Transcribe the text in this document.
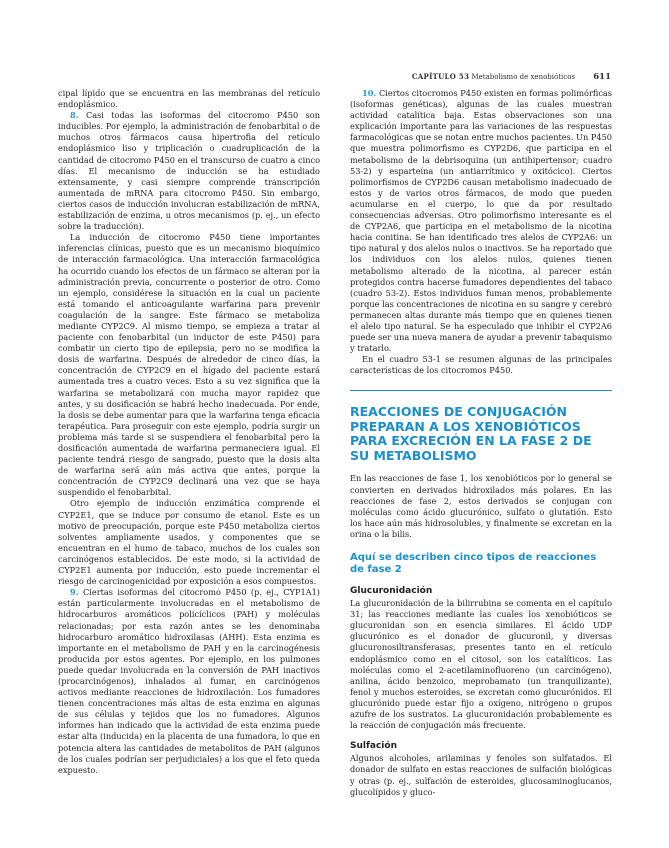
CAPÍTULO 53 Metabolismo de xenobióticos 611

cipal lípido que se encuentra en las membranas del retículo endoplásmico.

8. Casi todas las isoformas del citocromo P450 son inducibles. Por ejemplo, la administración de fenobarbital o de muchos otros fármacos causa hipertrofia del retículo endoplásmico liso y triplicación o cuadruplicación de la cantidad de citocromo P450 en el transcurso de cuatro a cinco días. El mecanismo de inducción se ha estudiado extensamente, y casi siempre comprende transcripción aumentada de mRNA para citocromo P450. Sin embargo, ciertos casos de inducción involucran estabilización de mRNA, estabilización de enzima, u otros mecanismos (p. ej., un efecto sobre la traducción).

La inducción de citocromo P450 tiene importantes inferencias clínicas, puesto que es un mecanismo bioquímico de interacción farmacológica. Una interacción farmacológica ha ocurrido cuando los efectos de un fármaco se alteran por la administración previa, concurrente o posterior de otro. Como un ejemplo, considérese la situación en la cual un paciente está tomando el anticoagulante warfarina para prevenir coagulación de la sangre. Este fármaco se metaboliza mediante CYP2C9. Al mismo tiempo, se empieza a tratar al paciente con fenobarbital (un inductor de este P450) para combatir un cierto tipo de epilepsia, pero no se modifica la dosis de warfarina. Después de alrededor de cinco días, la concentración de CYP2C9 en el hígado del paciente estará aumentada tres a cuatro veces. Esto a su vez significa que la warfarina se metabolizará con mucha mayor rapidez que antes, y su dosificación se habrá hecho inadecuada. Por ende, la dosis se debe aumentar para que la warfarina tenga eficacia terapéutica. Para proseguir con este ejemplo, podría surgir un problema más tarde si se suspendiera el fenobarbital pero la dosificación aumentada de warfarina permaneciera igual. El paciente tendrá riesgo de sangrado, puesto que la dosis alta de warfarina será aún más activa que antes, porque la concentración de CYP2C9 declinará una vez que se haya suspendido el fenobarbital.

Otro ejemplo de inducción enzimática comprende el CYP2E1, que se induce por consumo de etanol. Este es un motivo de preocupación, porque este P450 metaboliza ciertos solventes ampliamente usados, y componentes que se encuentran en el humo de tabaco, muchos de los cuales son carcinógenos establecidos. De este modo, si la actividad de CYP2E1 aumenta por inducción, esto puede incrementar el riesgo de carcinogenicidad por exposición a esos compuestos.

9. Ciertas isoformas del citocromo P450 (p. ej., CYP1A1) están particularmente involucradas en el metabolismo de hidrocarburos aromáticos policíclicos (PAH) y moléculas relacionadas; por esta razón antes se les denominaba hidrocarburo aromático hidroxilasas (AHH). Esta enzima es importante en el metabolismo de PAH y en la carcinogénesis producida por estos agentes. Por ejemplo, en los pulmones puede quedar involucrada en la conversión de PAH inactivos (procarcinógenos), inhalados al fumar, en carcinógenos activos mediante reacciones de hidroxilación. Los fumadores tienen concentraciones más altas de esta enzima en algunas de sus células y tejidos que los no fumadores. Algunos informes han indicado que la actividad de esta enzima puede estar alta (inducida) en la placenta de una fumadora, lo que en potencia altera las cantidades de metabolitos de PAH (algunos de los cuales podrían ser perjudiciales) a los que el feto queda expuesto.

10. Ciertos citocromos P450 existen en formas polimórficas (isoformas genéticas), algunas de las cuales muestran actividad catalítica baja. Estas observaciones son una explicación importante para las variaciones de las respuestas farmacológicas que se notan entre muchos pacientes. Un P450 que muestra polimorfismo es CYP2D6, que participa en el metabolismo de la debrisoquina (un antihipertensor; cuadro 53-2) y esparteína (un antiarrítmico y oxitócico). Ciertos polimorfismos de CYP2D6 causan metabolismo inadecuado de estos y de varios otros fármacos, de modo que pueden acumularse en el cuerpo, lo que da por resultado consecuencias adversas. Otro polimorfismo interesante es el de CYP2A6, que participa en el metabolismo de la nicotina hacia conitina. Se han identificado tres alelos de CYP2A6: un tipo natural y dos alelos nulos o inactivos. Se ha reportado que los individuos con los alelos nulos, quienes tienen metabolismo alterado de la nicotina, al parecer están protegidos contra hacerse fumadores dependientes del tabaco (cuadro 53-2). Estos individuos fuman menos, probablemente porque las concentraciones de nicotina en su sangre y cerebro permanecen altas durante más tiempo que en quienes tienen el alelo tipo natural. Se ha especulado que inhibir el CYP2A6 puede ser una nueva manera de ayudar a prevenir tabaquismo y tratarlo.

En el cuadro 53-1 se resumen algunas de las principales características de los citocromos P450.

REACCIONES DE CONJUGACIÓN PREPARAN A LOS XENOBIÓTICOS PARA EXCRECIÓN EN LA FASE 2 DE SU METABOLISMO

En las reacciones de fase 1, los xenobióticos por lo general se convierten en derivados hidroxilados más polares. En las reacciones de fase 2, estos derivados se conjugan con moléculas como ácido glucurónico, sulfato o glutatión. Esto los hace aún más hidrosolubles, y finalmente se excretan en la orina o la bilis.

Aquí se describen cinco tipos de reacciones de fase 2
Glucuronidación

La glucuronidación de la bilirrubina se comenta en el capítulo 31; las reacciones mediante las cuales los xenobióticos se glucuronidan son en esencia similares. El ácido UDP glucurónico es el donador de glucuronil, y diversas glucuronosiltransferasas, presentes tanto en el retículo endoplásmico como en el citosol, son los catalíticos. Las moléculas como el 2-acetilaminofluoreno (un carcinógeno), anilina, ácido benzoico, meprobamato (un tranquilizante), fenol y muchos esteroides, se excretan como glucurónidos. El glucurónido puede estar fijo a oxígeno, nitrógeno o grupos azufre de los sustratos. La glucuronidación probablemente es la reacción de conjugación más frecuente.

Sulfación

Algunos alcoholes, arilaminas y fenoles son sulfatados. El donador de sulfato en estas reacciones de sulfación biológicas y otras (p. ej., sulfación de esteroides, glucosaminoglucanos, glucolípidos y gluco-
